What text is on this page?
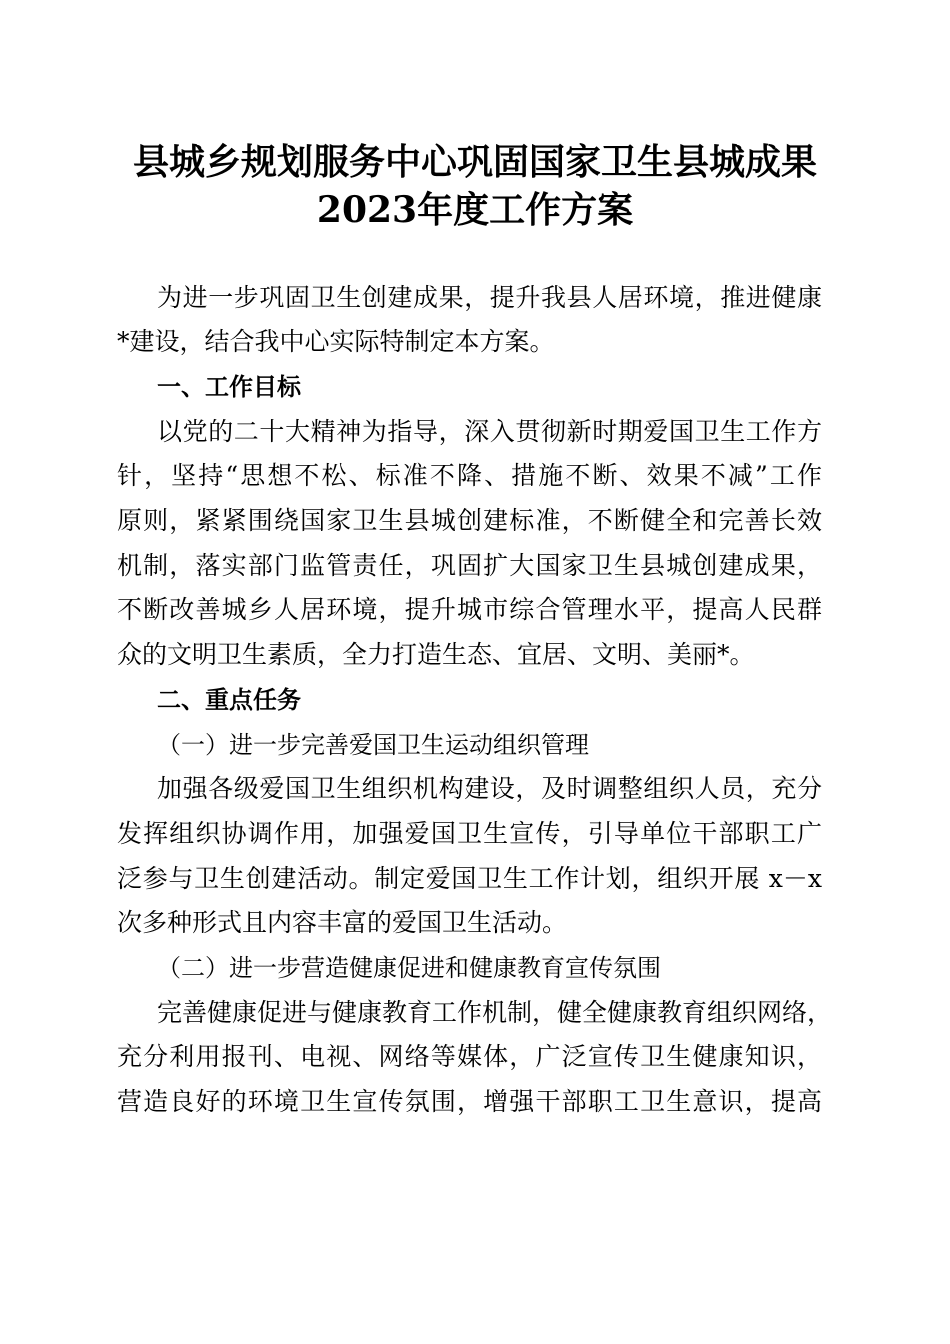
县城乡规划服务中心巩固国家卫生县城成果
2023年度工作方案
为进一步巩固卫生创建成果，提升我县人居环境，推进健康
*建设，结合我中心实际特制定本方案。
一、工作目标
以党的二十大精神为指导，深入贯彻新时期爱国卫生工作方
针，坚持“思想不松、标准不降、措施不断、效果不减”工作
原则，紧紧围绕国家卫生县城创建标准，不断健全和完善长效
机制，落实部门监管责任，巩固扩大国家卫生县城创建成果，
不断改善城乡人居环境，提升城市综合管理水平，提高人民群
众的文明卫生素质，全力打造生态、宜居、文明、美丽*。
二、重点任务
（一）进一步完善爱国卫生运动组织管理
加强各级爱国卫生组织机构建设，及时调整组织人员，充分
发挥组织协调作用，加强爱国卫生宣传，引导单位干部职工广
泛参与卫生创建活动。制定爱国卫生工作计划，组织开展 x－x
次多种形式且内容丰富的爱国卫生活动。
（二）进一步营造健康促进和健康教育宣传氛围
完善健康促进与健康教育工作机制，健全健康教育组织网络，
充分利用报刊、电视、网络等媒体，广泛宣传卫生健康知识，
营造良好的环境卫生宣传氛围，增强干部职工卫生意识，提高
